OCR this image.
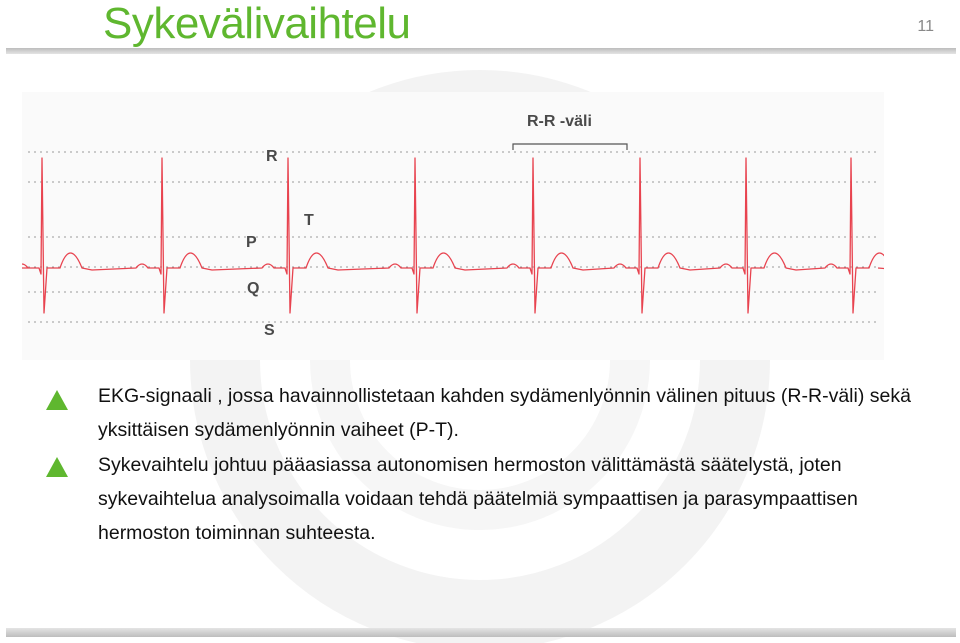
Sykevälivaihtelu	11
R-R -väli
R
T
P
Q
S
EKG-signaali , jossa havainnollistetaan kahden sydämenlyönnin välinen pituus (R-R-väli) sekä yksittäisen sydämenlyönnin vaiheet (P-T).
Sykevaihtelu johtuu pääasiassa autonomisen hermoston välittämästä säätelystä, joten sykevaihtelua analysoimalla voidaan tehdä päätelmiä sympaattisen ja parasympaattisen hermoston toiminnan suhteesta.
